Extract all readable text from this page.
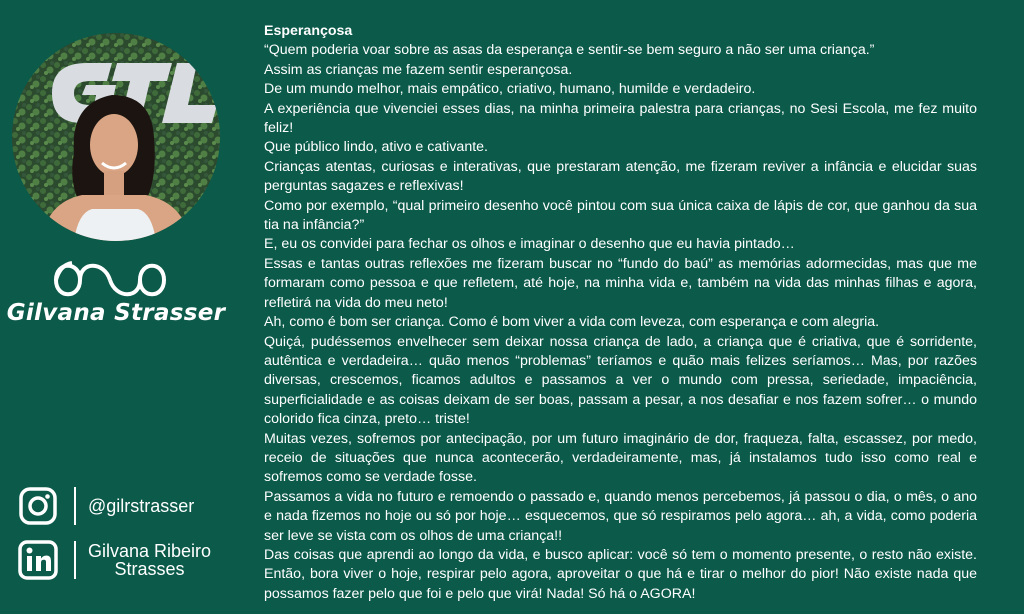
Gilvana Strasser
@gilrstrasser
Gilvana Ribeiro
Strasses
Esperançosa

“Quem poderia voar sobre as asas da esperança e sentir-se bem seguro a não ser uma criança.”

Assim as crianças me fazem sentir esperançosa.

De um mundo melhor, mais empático, criativo, humano, humilde e verdadeiro.

A experiência que vivenciei esses dias, na minha primeira palestra para crianças, no Sesi Escola, me fez muito feliz!

Que público lindo, ativo e cativante.

Crianças atentas, curiosas e interativas, que prestaram atenção, me fizeram reviver a infância e elucidar suas perguntas sagazes e reflexivas!

Como por exemplo, “qual primeiro desenho você pintou com sua única caixa de lápis de cor, que ganhou da sua tia na infância?”

E, eu os convidei para fechar os olhos e imaginar o desenho que eu havia pintado…

Essas e tantas outras reflexões me fizeram buscar no “fundo do baú” as memórias adormecidas, mas que me formaram como pessoa e que refletem, até hoje, na minha vida e, também na vida das minhas filhas e agora, refletirá na vida do meu neto!

Ah, como é bom ser criança. Como é bom viver a vida com leveza, com esperança e com alegria.

Quiçá, pudéssemos envelhecer sem deixar nossa criança de lado, a criança que é criativa, que é sorridente, autêntica e verdadeira… quão menos “problemas” teríamos e quão mais felizes seríamos… Mas, por razões diversas, crescemos, ficamos adultos e passamos a ver o mundo com pressa, seriedade, impaciência, superficialidade e as coisas deixam de ser boas, passam a pesar, a nos desafiar e nos fazem sofrer… o mundo colorido fica cinza, preto… triste!

Muitas vezes, sofremos por antecipação, por um futuro imaginário de dor, fraqueza, falta, escassez, por medo, receio de situações que nunca acontecerão, verdadeiramente, mas, já instalamos tudo isso como real e sofremos como se verdade fosse.

Passamos a vida no futuro e remoendo o passado e, quando menos percebemos, já passou o dia, o mês, o ano e nada fizemos no hoje ou só por hoje… esquecemos, que só respiramos pelo agora… ah, a vida, como poderia ser leve se vista com os olhos de uma criança!!

Das coisas que aprendi ao longo da vida, e busco aplicar: você só tem o momento presente, o resto não existe. Então, bora viver o hoje, respirar pelo agora, aproveitar o que há e tirar o melhor do pior! Não existe nada que possamos fazer pelo que foi e pelo que virá! Nada! Só há o AGORA!
